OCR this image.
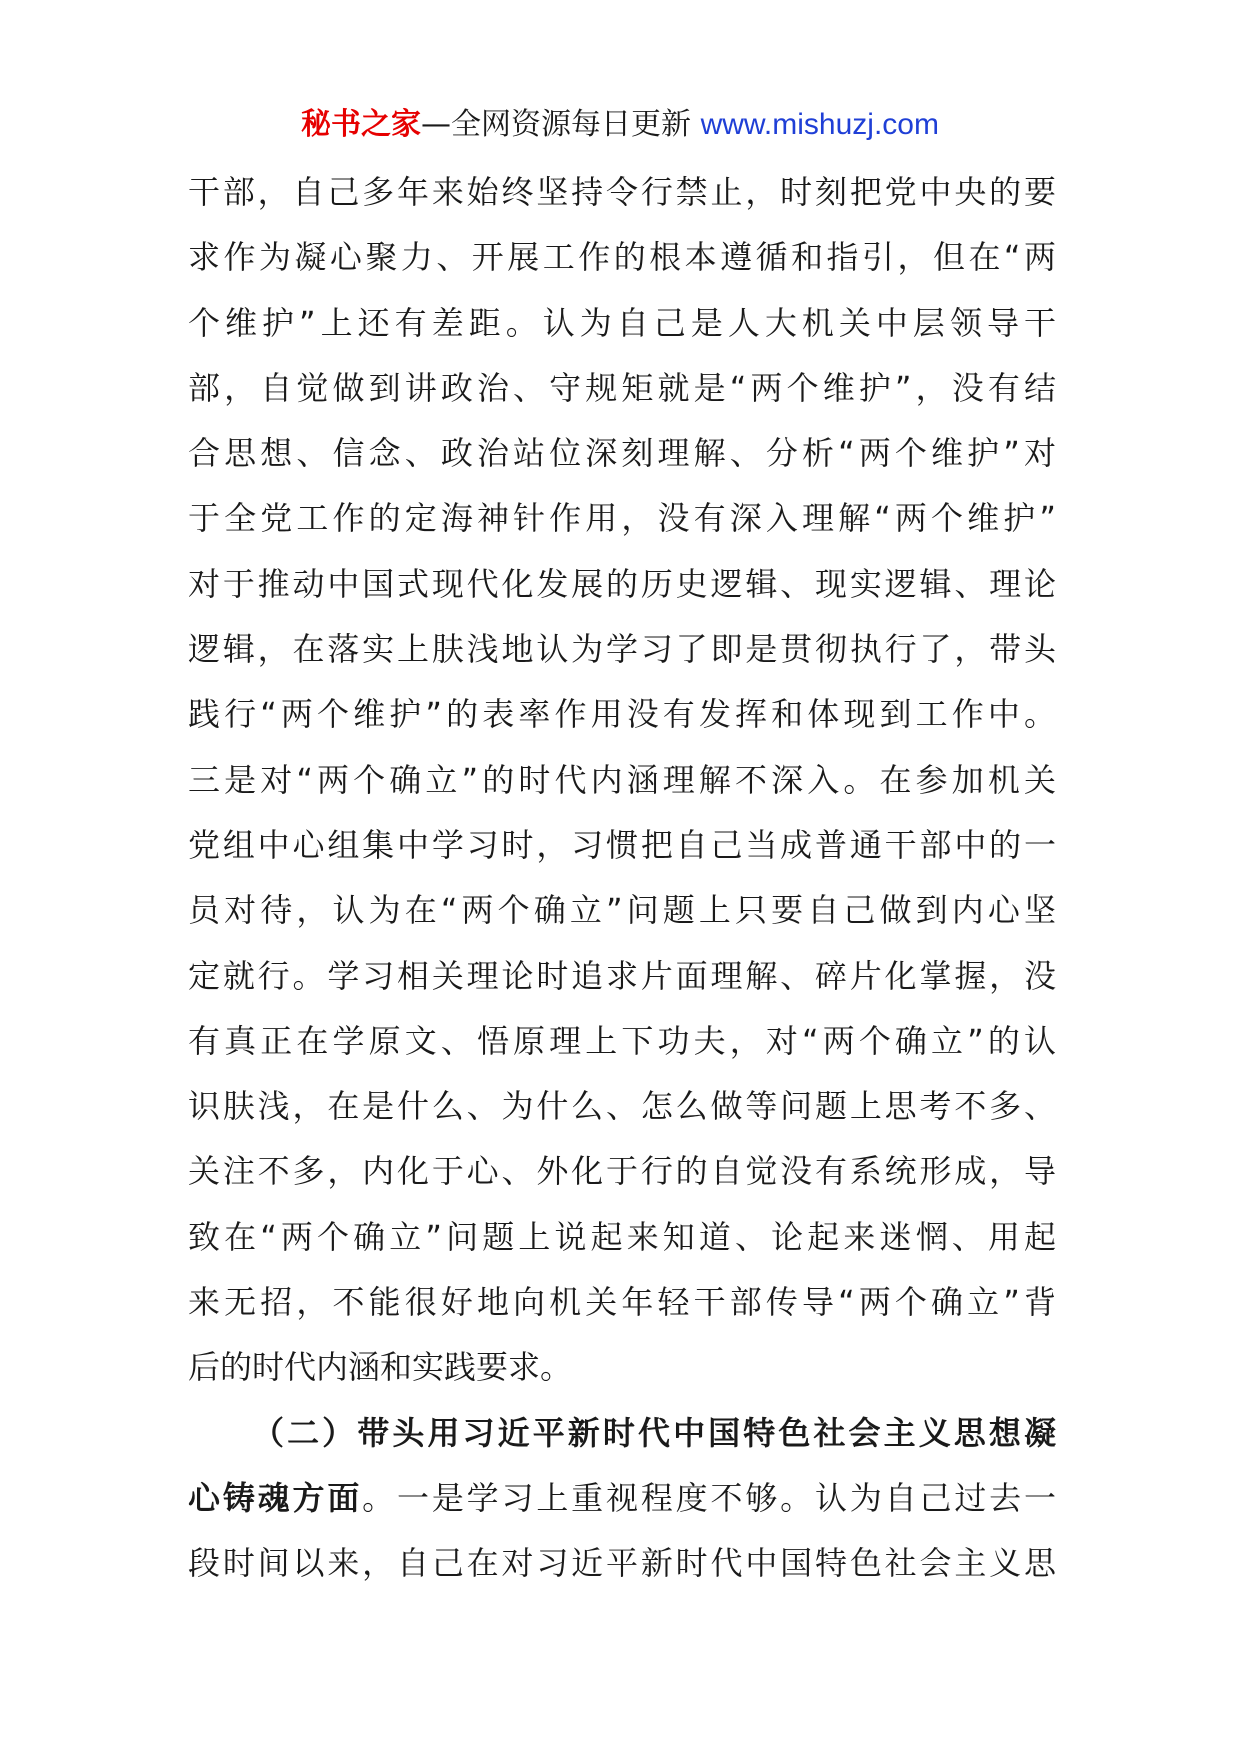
秘书之家—全网资源每日更新 www.mishuzj.com
干部，自己多年来始终坚持令行禁止，时刻把党中央的要
求作为凝心聚力、开展工作的根本遵循和指引，但在“两
个维护”上还有差距。认为自己是人大机关中层领导干
部，自觉做到讲政治、守规矩就是“两个维护”，没有结
合思想、信念、政治站位深刻理解、分析“两个维护”对
于全党工作的定海神针作用，没有深入理解“两个维护”
对于推动中国式现代化发展的历史逻辑、现实逻辑、理论
逻辑，在落实上肤浅地认为学习了即是贯彻执行了，带头
践行“两个维护”的表率作用没有发挥和体现到工作中。
三是对“两个确立”的时代内涵理解不深入。在参加机关
党组中心组集中学习时，习惯把自己当成普通干部中的一
员对待，认为在“两个确立”问题上只要自己做到内心坚
定就行。学习相关理论时追求片面理解、碎片化掌握，没
有真正在学原文、悟原理上下功夫，对“两个确立”的认
识肤浅，在是什么、为什么、怎么做等问题上思考不多、
关注不多，内化于心、外化于行的自觉没有系统形成，导
致在“两个确立”问题上说起来知道、论起来迷惘、用起
来无招，不能很好地向机关年轻干部传导“两个确立”背
后的时代内涵和实践要求。
（二）带头用习近平新时代中国特色社会主义思想凝
心铸魂方面。一是学习上重视程度不够。认为自己过去一
段时间以来，自己在对习近平新时代中国特色社会主义思
